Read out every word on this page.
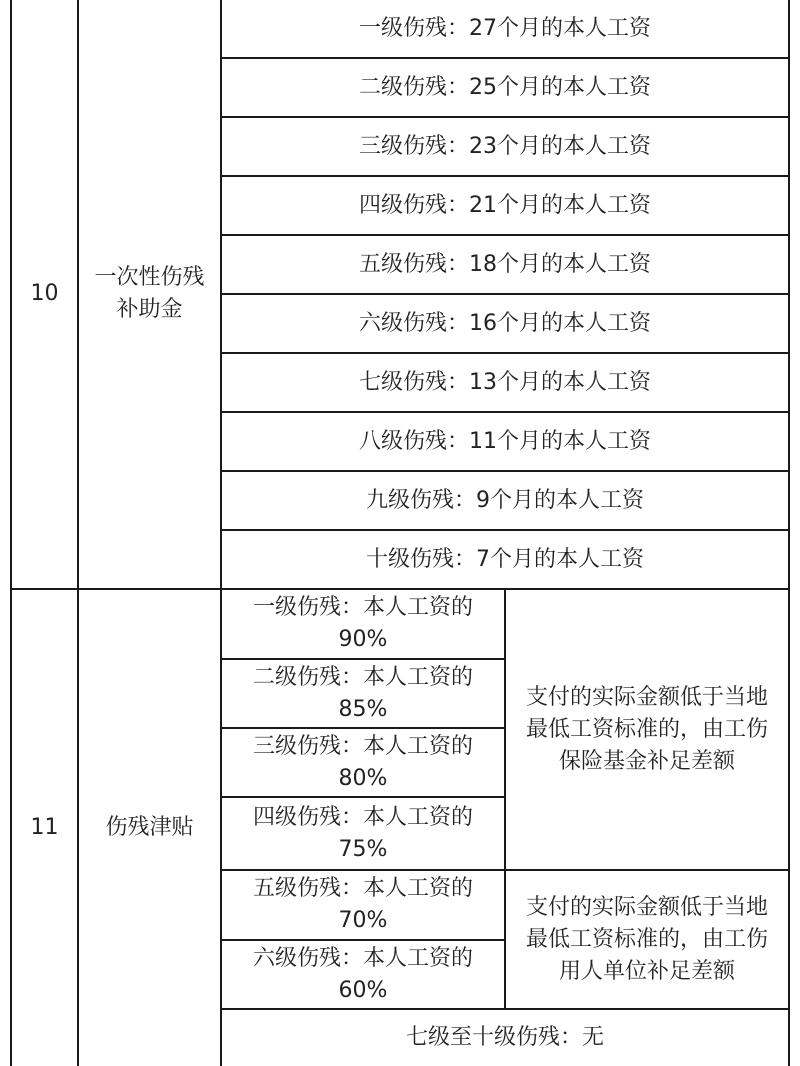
10
一次性伤残
补助金
一级伤残：27个月的本人工资
二级伤残：25个月的本人工资
三级伤残：23个月的本人工资
四级伤残：21个月的本人工资
五级伤残：18个月的本人工资
六级伤残：16个月的本人工资
七级伤残：13个月的本人工资
八级伤残：11个月的本人工资
九级伤残：9个月的本人工资
十级伤残：7个月的本人工资
11 伤残津贴
一级伤残：本人工资的
90%
二级伤残：本人工资的
85%
三级伤残：本人工资的
80%
四级伤残：本人工资的
75%
五级伤残：本人工资的
70%
六级伤残：本人工资的
60%
支付的实际金额低于当地
最低工资标准的，由工伤
保险基金补足差额
支付的实际金额低于当地
最低工资标准的，由工伤
用人单位补足差额
七级至十级伤残：无
